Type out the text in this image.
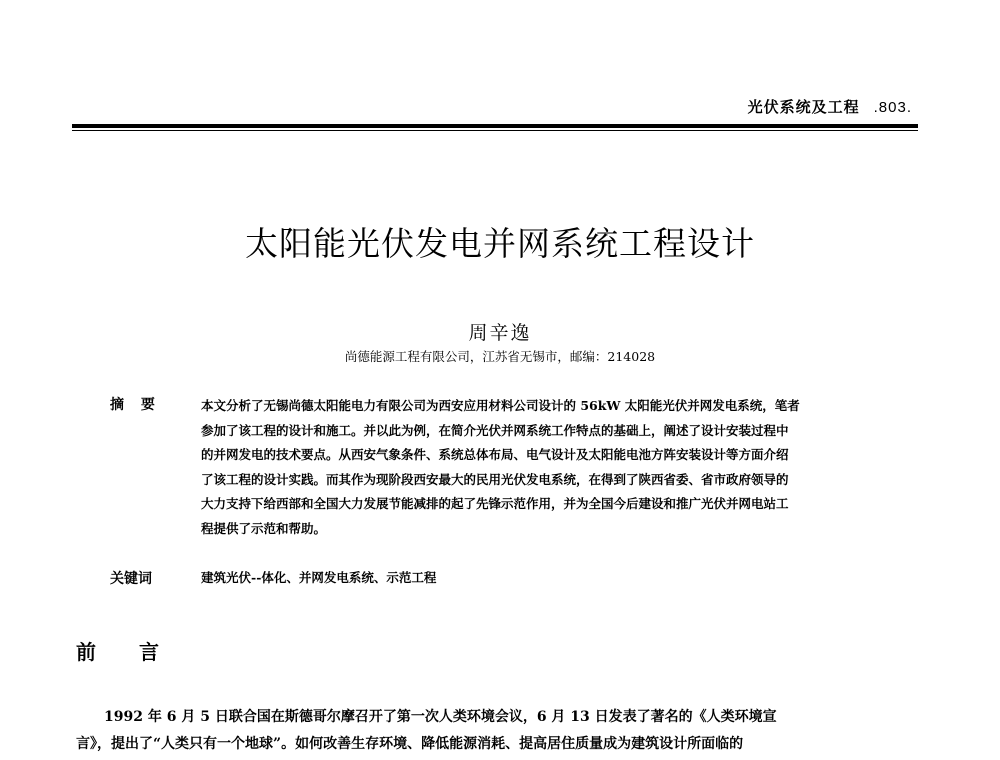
光伏系统及工程 .803.
太阳能光伏发电并网系统工程设计
周辛逸
尚德能源工程有限公司，江苏省无锡市，邮编：214028
摘 要	本文分析了无锡尚德太阳能电力有限公司为西安应用材料公司设计的 56kW 太阳能光伏并网发电系统，笔者
参加了该工程的设计和施工。并以此为例，在简介光伏并网系统工作特点的基础上，阐述了设计安装过程中
的并网发电的技术要点。从西安气象条件、系统总体布局、电气设计及太阳能电池方阵安装设计等方面介绍
了该工程的设计实践。而其作为现阶段西安最大的民用光伏发电系统，在得到了陕西省委、省市政府领导的
大力支持下给西部和全国大力发展节能减排的起了先锋示范作用，并为全国今后建设和推广光伏并网电站工
程提供了示范和帮助。
关键词	建筑光伏--体化、并网发电系统、示范工程
前 言
1992 年 6 月 5 日联合国在斯德哥尔摩召开了第一次人类环境会议，6 月 13 日发表了著名的《人类环境宣
言》，提出了“人类只有一个地球”。如何改善生存环境、降低能源消耗、提高居住质量成为建筑设计所面临的
